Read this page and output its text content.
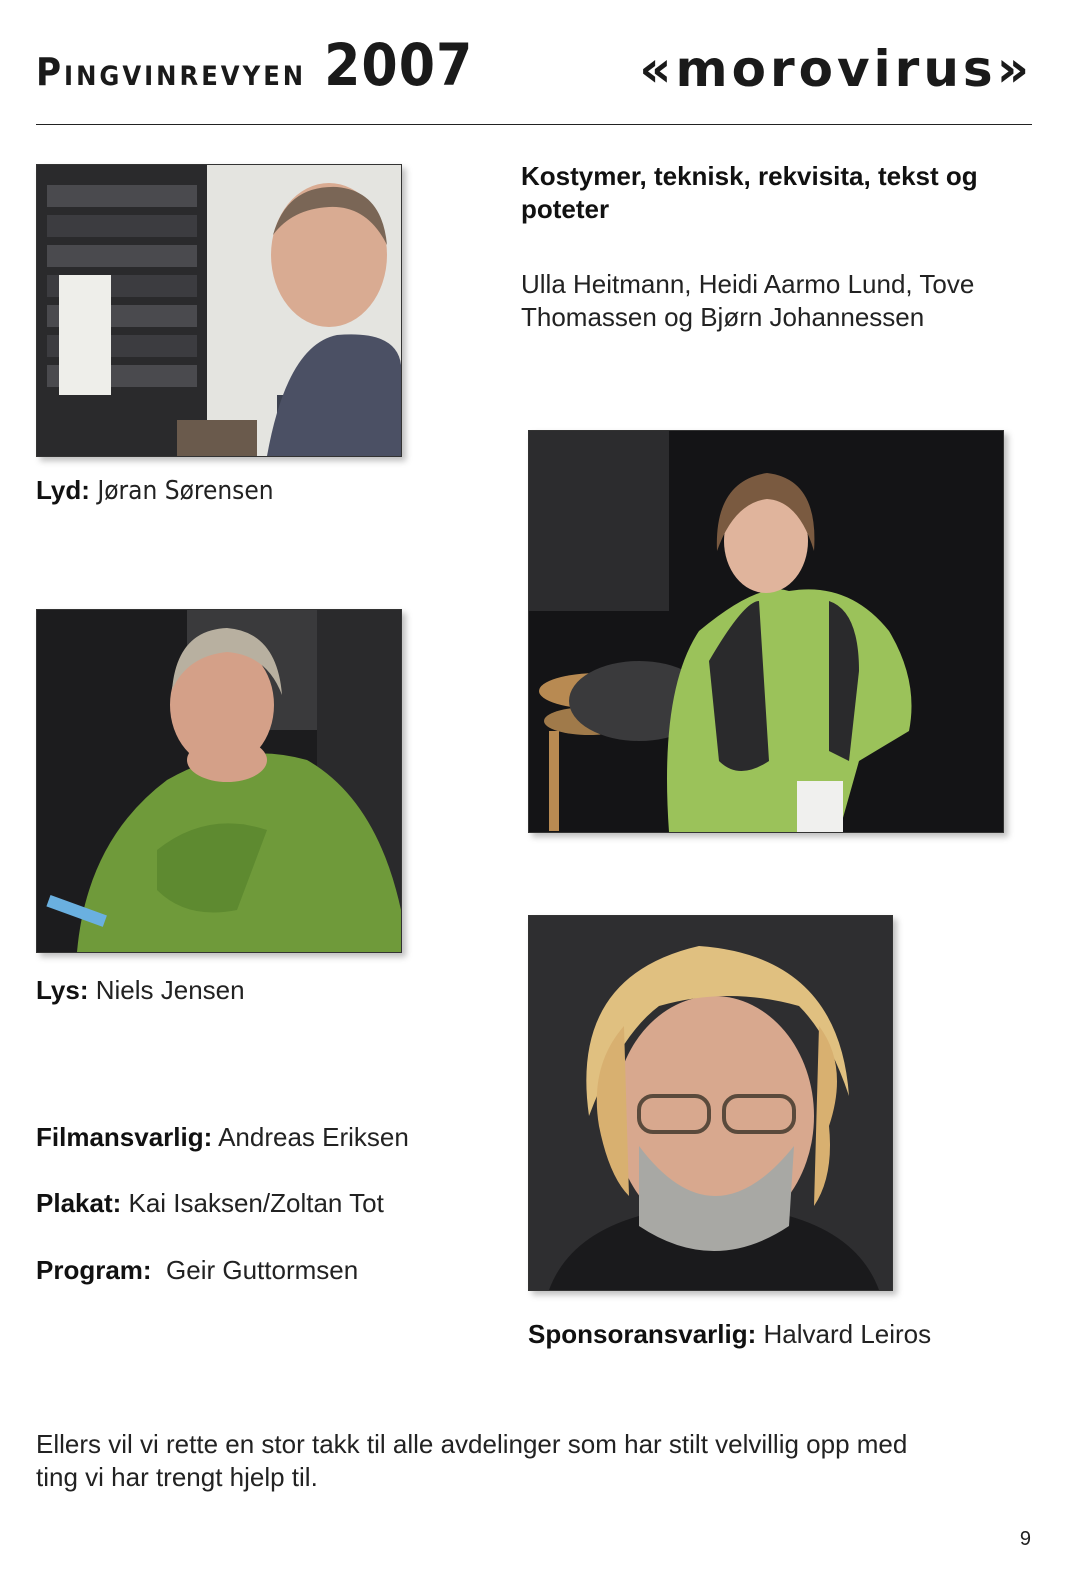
Pingvinrevyen 2007	«morovirus»
Lyd: Jøran Sørensen
Kostymer, teknisk, rekvisita, tekst og poteter
Ulla Heitmann, Heidi Aarmo Lund, Tove Thomassen og Bjørn Johannessen
Lys: Niels Jensen
Sponsoransvarlig: Halvard Leiros
Filmansvarlig: Andreas Eriksen
Plakat: Kai Isaksen/Zoltan Tot
Program:  Geir Guttormsen
Ellers vil vi rette en stor takk til alle avdelinger som har stilt velvillig opp med ting vi har trengt hjelp til.
9
